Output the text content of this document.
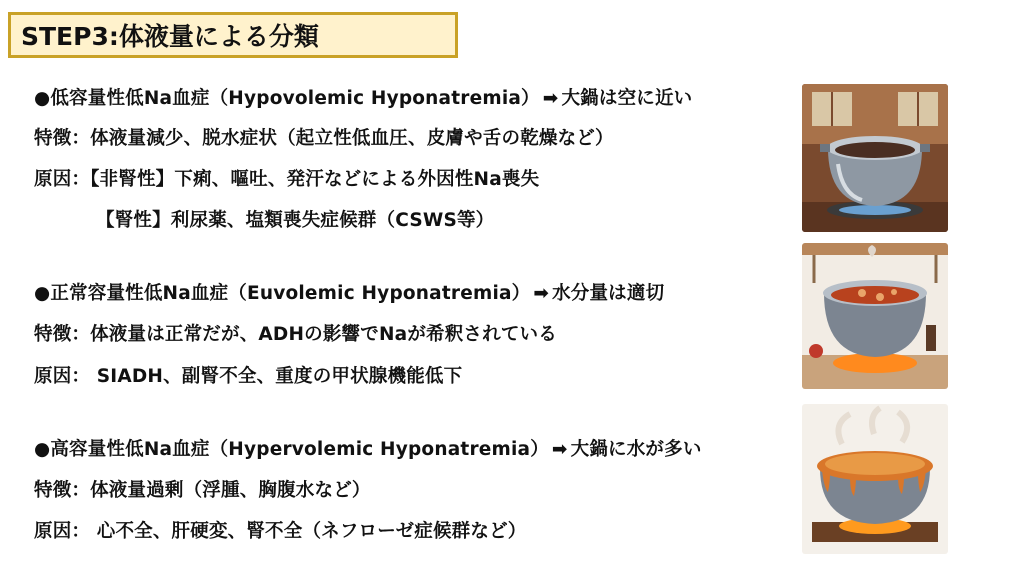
STEP3:体液量による分類
●低容量性低Na血症（Hypovolemic Hyponatremia） ➡ 大鍋は空に近い
特徴：体液量減少、脱水症状（起立性低血圧、皮膚や舌の乾燥など）
原因：【非腎性】下痢、嘔吐、発汗などによる外因性Na喪失
【腎性】利尿薬、塩類喪失症候群（CSWS等）
●正常容量性低Na血症（Euvolemic Hyponatremia） ➡ 水分量は適切
特徴：体液量は正常だが、ADHの影響でNaが希釈されている
原因： SIADH、副腎不全、重度の甲状腺機能低下
●高容量性低Na血症（Hypervolemic Hyponatremia） ➡ 大鍋に水が多い
特徴：体液量過剰（浮腫、胸腹水など）
原因： 心不全、肝硬変、腎不全（ネフローゼ症候群など）
